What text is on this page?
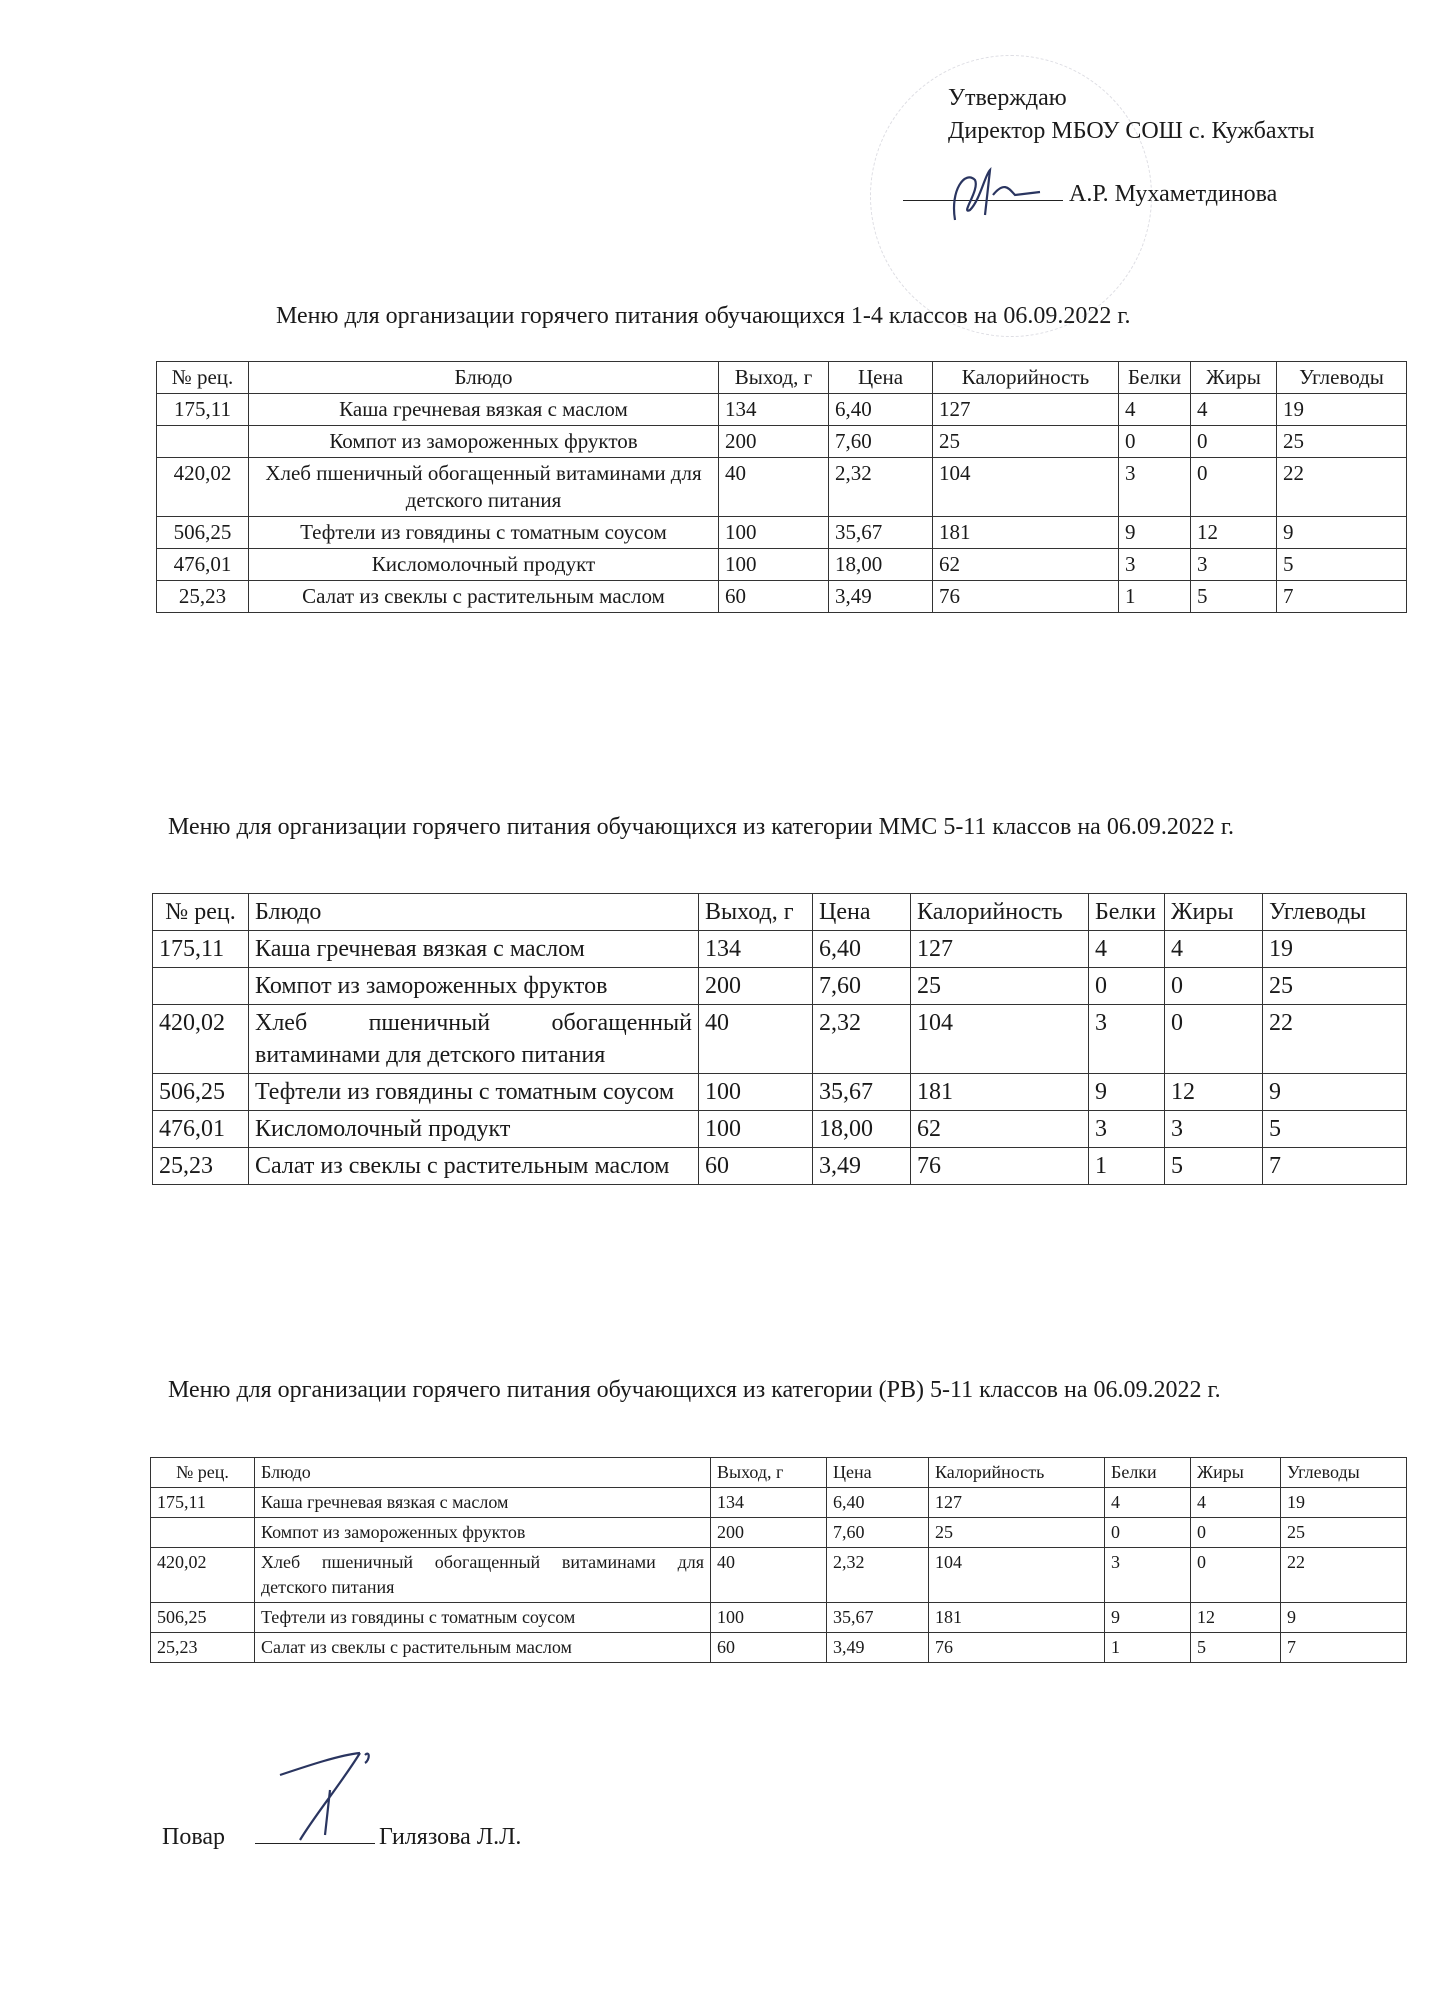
Утверждаю
Директор МБОУ СОШ с. Кужбахты
А.Р. Мухаметдинова
Меню для организации горячего питания обучающихся 1-4 классов на 06.09.2022 г.
№ рец.	Блюдо	Выход, г	Цена	Калорийность	Белки	Жиры	Углеводы
175,11	Каша гречневая вязкая с маслом	134	6,40	127	4	4	19
	Компот из замороженных фруктов	200	7,60	25	0	0	25
420,02	Хлеб пшеничный обогащенный витаминами для детского питания	40	2,32	104	3	0	22
506,25	Тефтели из говядины с томатным соусом	100	35,67	181	9	12	9
476,01	Кисломолочный продукт	100	18,00	62	3	3	5
25,23	Салат из свеклы с растительным маслом	60	3,49	76	1	5	7
Меню для организации горячего питания обучающихся из категории ММС 5-11 классов на 06.09.2022 г.
№ рец.	Блюдо	Выход, г	Цена	Калорийность	Белки	Жиры	Углеводы
175,11	Каша гречневая вязкая с маслом	134	6,40	127	4	4	19
	Компот из замороженных фруктов	200	7,60	25	0	0	25
420,02	Хлеб пшеничный обогащенный витаминами для детского питания	40	2,32	104	3	0	22
506,25	Тефтели из говядины с томатным соусом	100	35,67	181	9	12	9
476,01	Кисломолочный продукт	100	18,00	62	3	3	5
25,23	Салат из свеклы с растительным маслом	60	3,49	76	1	5	7
Меню для организации горячего питания обучающихся из категории (РВ) 5-11 классов на 06.09.2022 г.
№ рец.	Блюдо	Выход, г	Цена	Калорийность	Белки	Жиры	Углеводы
175,11	Каша гречневая вязкая с маслом	134	6,40	127	4	4	19
	Компот из замороженных фруктов	200	7,60	25	0	0	25
420,02	Хлеб пшеничный обогащенный витаминами для детского питания	40	2,32	104	3	0	22
506,25	Тефтели из говядины с томатным соусом	100	35,67	181	9	12	9
25,23	Салат из свеклы с растительным маслом	60	3,49	76	1	5	7
Повар	Гилязова Л.Л.
